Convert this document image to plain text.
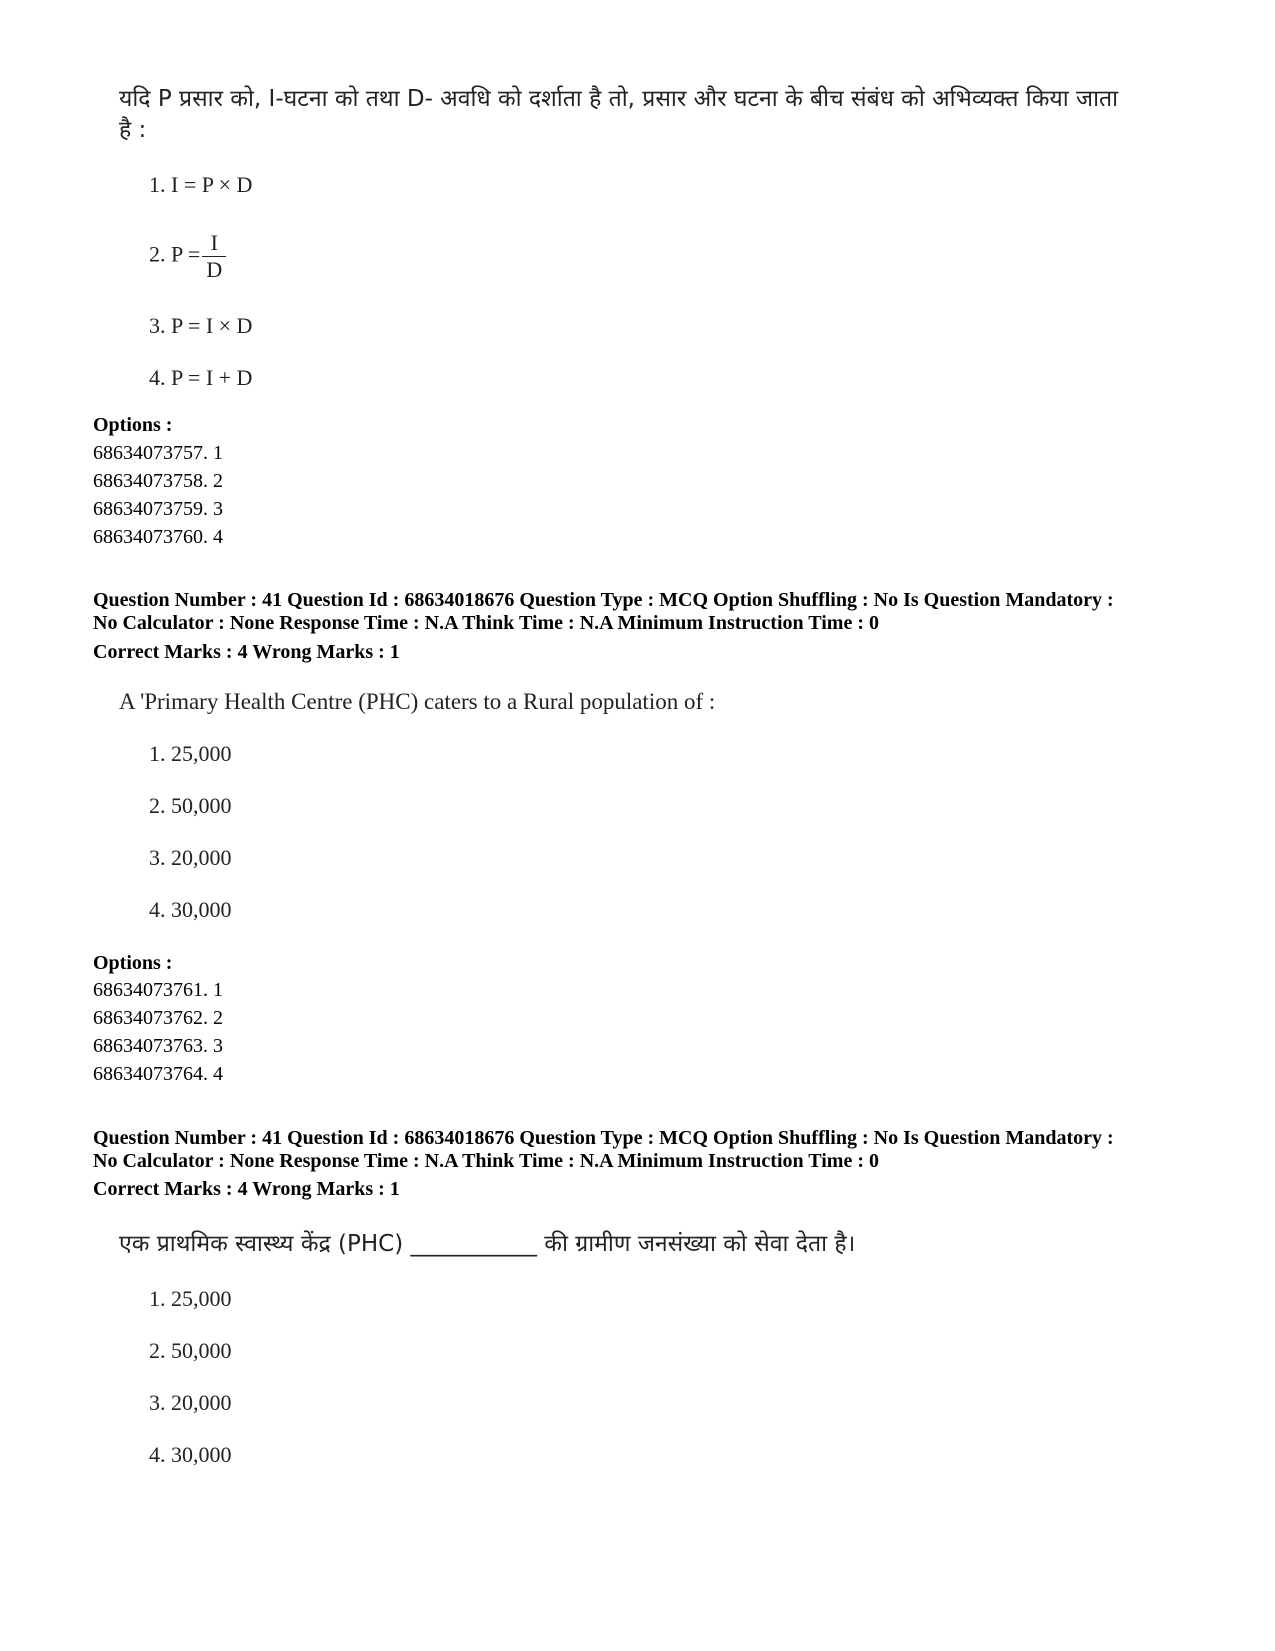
यदि P प्रसार को, I-घटना को तथा D- अवधि को दर्शाता है तो, प्रसार और घटना के बीच संबंध को अभिव्यक्त किया जाता
है :
1. I = P × D
2. $P = \frac{I}{D}$
3. P = I × D
4. P = I + D
Options :
68634073757. 1
68634073758. 2
68634073759. 3
68634073760. 4
Question Number : 41 Question Id : 68634018676 Question Type : MCQ Option Shuffling : No Is Question Mandatory :
No Calculator : None Response Time : N.A Think Time : N.A Minimum Instruction Time : 0
Correct Marks : 4 Wrong Marks : 1
A 'Primary Health Centre (PHC) caters to a Rural population of :
1. 25,000
2. 50,000
3. 20,000
4. 30,000
Options :
68634073761. 1
68634073762. 2
68634073763. 3
68634073764. 4
Question Number : 41 Question Id : 68634018676 Question Type : MCQ Option Shuffling : No Is Question Mandatory :
No Calculator : None Response Time : N.A Think Time : N.A Minimum Instruction Time : 0
Correct Marks : 4 Wrong Marks : 1
एक प्राथमिक स्वास्थ्य केंद्र (PHC) ___________ की ग्रामीण जनसंख्या को सेवा देता है।
1. 25,000
2. 50,000
3. 20,000
4. 30,000
